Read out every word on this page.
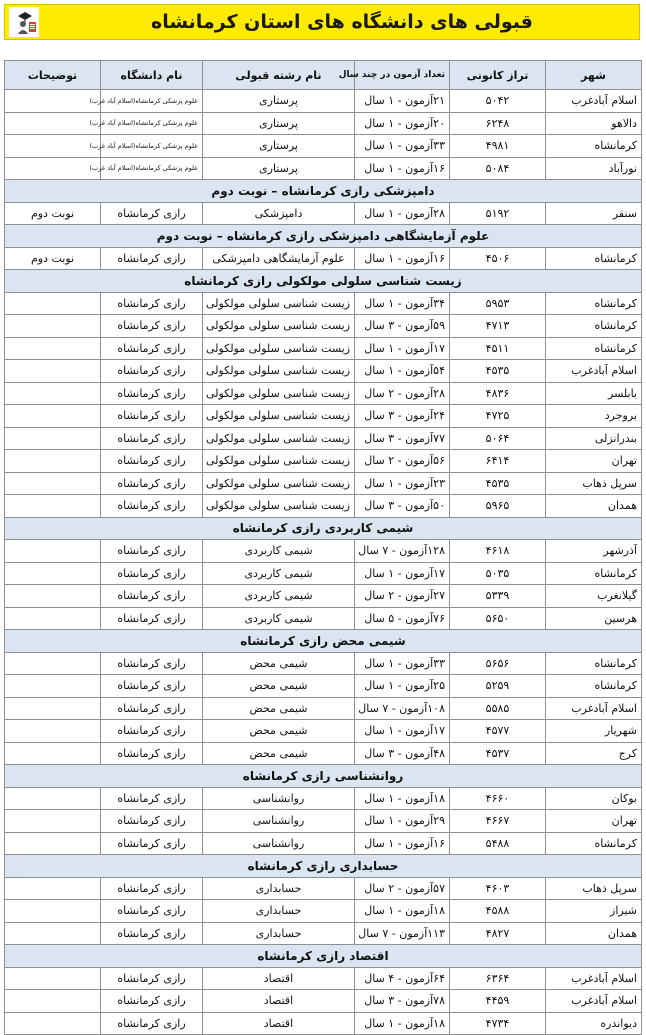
قبولی های دانشگاه های استان کرمانشاه
شهر	تراز کانونی	تعداد آزمون در چند سال	نام رشته قبولی	نام دانشگاه	توضیحات
اسلام آبادغرب	۵۰۴۲	۲۱آزمون - ۱ سال	پرستاری	علوم پزشکی کرمانشاه(اسلام آباد غرب)	
دالاهو	۶۲۴۸	۲۰آزمون - ۱ سال	پرستاری	علوم پزشکی کرمانشاه(اسلام آباد غرب)	
کرمانشاه	۴۹۸۱	۳۳آزمون - ۱ سال	پرستاری	علوم پزشکی کرمانشاه(اسلام آباد غرب)	
نورآباد	۵۰۸۴	۱۶آزمون - ۱ سال	پرستاری	علوم پزشکی کرمانشاه(اسلام آباد غرب)	
دامپزشکی رازی کرمانشاه – نوبت دوم					
سنقر	۵۱۹۲	۲۸آزمون - ۱ سال	دامپزشکی	رازی کرمانشاه	نوبت دوم
علوم آزمایشگاهی دامپزشکی رازی کرمانشاه – نوبت دوم					
کرمانشاه	۴۵۰۶	۱۶آزمون - ۱ سال	علوم آزمایشگاهی دامپزشکی	رازی کرمانشاه	نوبت دوم
زیست شناسی سلولی مولکولی رازی کرمانشاه					
کرمانشاه	۵۹۵۳	۳۴آزمون - ۱ سال	زیست شناسی سلولی مولکولی	رازی کرمانشاه	
کرمانشاه	۴۷۱۳	۵۹آزمون - ۳ سال	زیست شناسی سلولی مولکولی	رازی کرمانشاه	
کرمانشاه	۴۵۱۱	۱۷آزمون - ۱ سال	زیست شناسی سلولی مولکولی	رازی کرمانشاه	
اسلام آبادغرب	۴۵۳۵	۵۴آزمون - ۱ سال	زیست شناسی سلولی مولکولی	رازی کرمانشاه	
بابلسر	۴۸۳۶	۲۸آزمون - ۲ سال	زیست شناسی سلولی مولکولی	رازی کرمانشاه	
بروجرد	۴۷۲۵	۲۴آزمون - ۳ سال	زیست شناسی سلولی مولکولی	رازی کرمانشاه	
بندرانزلی	۵۰۶۴	۷۷آزمون - ۳ سال	زیست شناسی سلولی مولکولی	رازی کرمانشاه	
تهران	۶۴۱۴	۵۶آزمون - ۲ سال	زیست شناسی سلولی مولکولی	رازی کرمانشاه	
سرپل ذهاب	۴۵۳۵	۲۳آزمون - ۱ سال	زیست شناسی سلولی مولکولی	رازی کرمانشاه	
همدان	۵۹۶۵	۵۰آزمون - ۳ سال	زیست شناسی سلولی مولکولی	رازی کرمانشاه	
شیمی کاربردی رازی کرمانشاه					
آذرشهر	۴۶۱۸	۱۲۸آزمون - ۷ سال	شیمی کاربردی	رازی کرمانشاه	
کرمانشاه	۵۰۳۵	۱۷آزمون - ۱ سال	شیمی کاربردی	رازی کرمانشاه	
گیلانغرب	۵۳۳۹	۲۷آزمون - ۲ سال	شیمی کاربردی	رازی کرمانشاه	
هرسین	۵۶۵۰	۷۶آزمون - ۵ سال	شیمی کاربردی	رازی کرمانشاه	
شیمی محض رازی کرمانشاه					
کرمانشاه	۵۶۵۶	۳۳آزمون - ۱ سال	شیمی محض	رازی کرمانشاه	
کرمانشاه	۵۲۵۹	۲۵آزمون - ۱ سال	شیمی محض	رازی کرمانشاه	
اسلام آبادغرب	۵۵۸۵	۱۰۸آزمون - ۷ سال	شیمی محض	رازی کرمانشاه	
شهریار	۴۵۷۷	۱۷آزمون - ۱ سال	شیمی محض	رازی کرمانشاه	
کرج	۴۵۳۷	۴۸آزمون - ۳ سال	شیمی محض	رازی کرمانشاه	
روانشناسی رازی کرمانشاه					
بوکان	۴۶۶۰	۱۸آزمون - ۱ سال	روانشناسی	رازی کرمانشاه	
تهران	۴۶۶۷	۲۹آزمون - ۱ سال	روانشناسی	رازی کرمانشاه	
کرمانشاه	۵۴۸۸	۱۶آزمون - ۱ سال	روانشناسی	رازی کرمانشاه	
حسابداری رازی کرمانشاه					
سرپل ذهاب	۴۶۰۳	۵۷آزمون - ۲ سال	حسابداری	رازی کرمانشاه	
شیراز	۴۵۸۸	۱۸آزمون - ۱ سال	حسابداری	رازی کرمانشاه	
همدان	۴۸۲۷	۱۱۳آزمون - ۷ سال	حسابداری	رازی کرمانشاه	
اقتصاد رازی کرمانشاه					
اسلام آبادغرب	۶۳۶۴	۶۴آزمون - ۴ سال	اقتصاد	رازی کرمانشاه	
اسلام آبادغرب	۴۴۵۹	۷۸آزمون - ۳ سال	اقتصاد	رازی کرمانشاه	
دیواندره	۴۷۳۴	۱۸آزمون - ۱ سال	اقتصاد	رازی کرمانشاه	
